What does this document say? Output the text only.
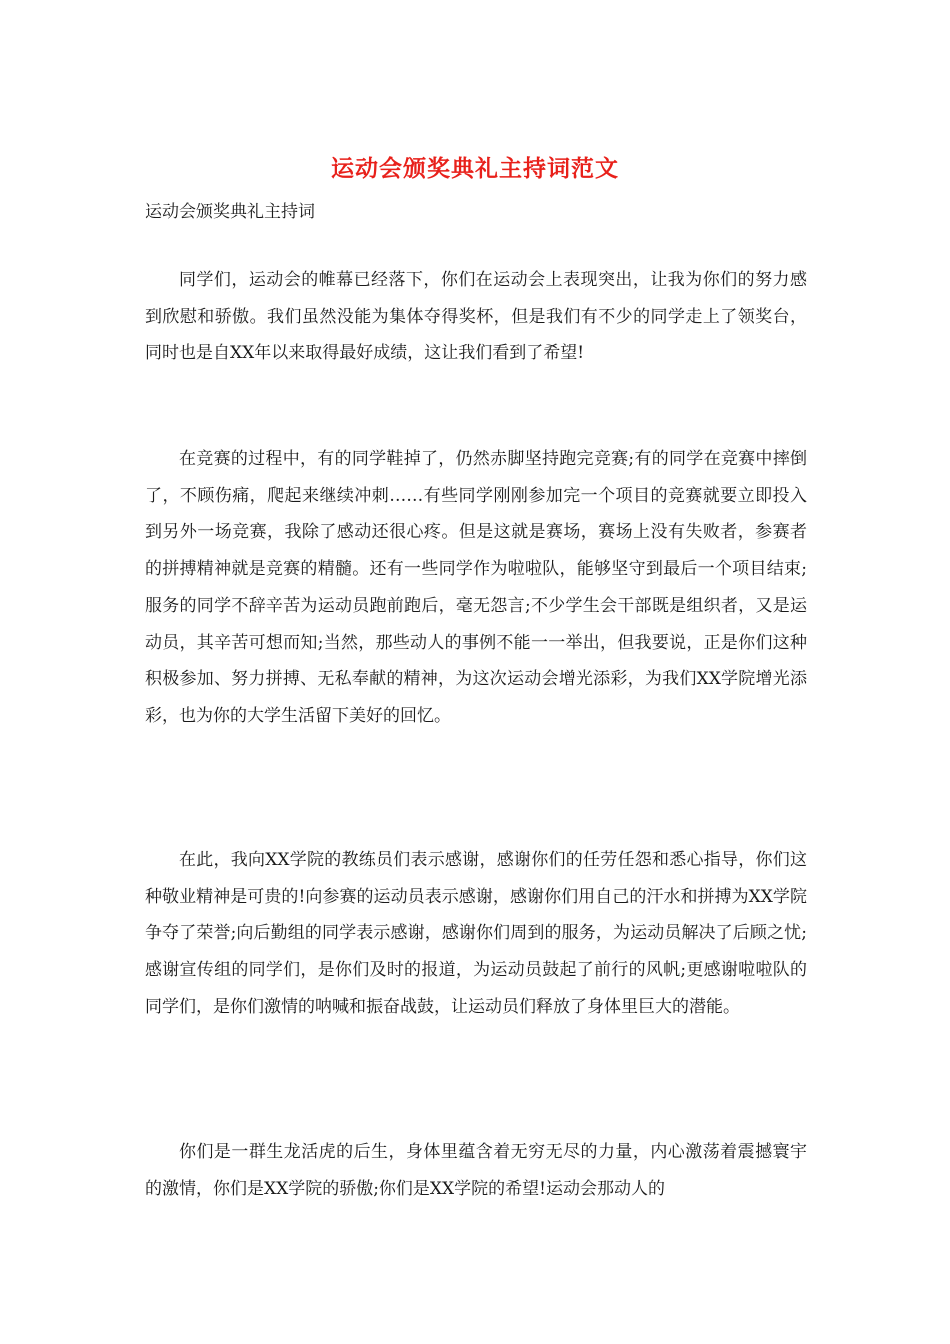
运动会颁奖典礼主持词范文
运动会颁奖典礼主持词

同学们，运动会的帷幕已经落下，你们在运动会上表现突出，让我为你们的努力感到欣慰和骄傲。我们虽然没能为集体夺得奖杯，但是我们有不少的同学走上了领奖台，同时也是自XX年以来取得最好成绩，这让我们看到了希望!

在竞赛的过程中，有的同学鞋掉了，仍然赤脚坚持跑完竞赛;有的同学在竞赛中摔倒了，不顾伤痛，爬起来继续冲刺……有些同学刚刚参加完一个项目的竞赛就要立即投入到另外一场竞赛，我除了感动还很心疼。但是这就是赛场，赛场上没有失败者，参赛者的拼搏精神就是竞赛的精髓。还有一些同学作为啦啦队，能够坚守到最后一个项目结束;服务的同学不辞辛苦为运动员跑前跑后，毫无怨言;不少学生会干部既是组织者，又是运动员，其辛苦可想而知;当然，那些动人的事例不能一一举出，但我要说，正是你们这种积极参加、努力拼搏、无私奉献的精神，为这次运动会增光添彩，为我们XX学院增光添彩，也为你的大学生活留下美好的回忆。

在此，我向XX学院的教练员们表示感谢，感谢你们的任劳任怨和悉心指导，你们这种敬业精神是可贵的!向参赛的运动员表示感谢，感谢你们用自己的汗水和拼搏为XX学院争夺了荣誉;向后勤组的同学表示感谢，感谢你们周到的服务，为运动员解决了后顾之忧;感谢宣传组的同学们，是你们及时的报道，为运动员鼓起了前行的风帆;更感谢啦啦队的同学们，是你们激情的呐喊和振奋战鼓，让运动员们释放了身体里巨大的潜能。

你们是一群生龙活虎的后生，身体里蕴含着无穷无尽的力量，内心激荡着震撼寰宇的激情，你们是XX学院的骄傲;你们是XX学院的希望!运动会那动人的
